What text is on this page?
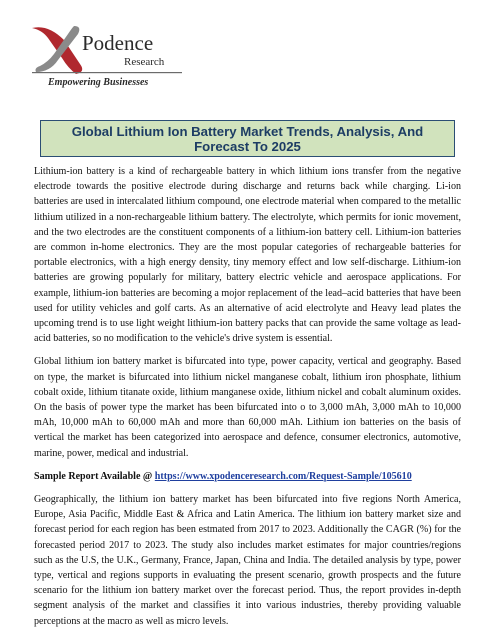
Podence
Research
Empowering Businesses
Global Lithium Ion Battery Market Trends, Analysis, And Forecast To 2025

Lithium-ion battery is a kind of rechargeable battery in which lithium ions transfer from the negative electrode towards the positive electrode during discharge and returns back while charging. Li-ion batteries are used in intercalated lithium compound, one electrode material when compared to the metallic lithium utilized in a non-rechargeable lithium battery. The electrolyte, which permits for ionic movement, and the two electrodes are the constituent components of a lithium-ion battery cell. Lithium-ion batteries are common in-home electronics. They are the most popular categories of rechargeable batteries for portable electronics, with a high energy density, tiny memory effect and low self-discharge. Lithium-ion batteries are growing popularly for military, battery electric vehicle and aerospace applications. For example, lithium-ion batteries are becoming a mojor replacement of the lead–acid batteries that have been used for utility vehicles and golf carts. As an alternative of acid electrolyte and Heavy lead plates the upcoming trend is to use light weight lithium-ion battery packs that can provide the same voltage as lead-acid batteries, so no modification to the vehicle's drive system is essential.

Global lithium ion battery market is bifurcated into type, power capacity, vertical and geography. Based on type, the market is bifurcated into lithium nickel manganese cobalt, lithium iron phosphate, lithium cobalt oxide, lithium titanate oxide, lithium manganese oxide, lithium nickel and cobalt aluminum oxides. On the basis of power type the market has been bifurcated into o to 3,000 mAh, 3,000 mAh to 10,000 mAh, 10,000 mAh to 60,000 mAh and more than 60,000 mAh. Lithium ion batteries on the basis of vertical the market has been categorized into aerospace and defence, consumer electronics, automotive, marine, power, medical and industrial.

Sample Report Available @ https://www.xpodenceresearch.com/Request-Sample/105610

Geographically, the lithium ion battery market has been bifurcated into five regions North America, Europe, Asia Pacific, Middle East & Africa and Latin America. The lithium ion battery market size and forecast period for each region has been estmated from 2017 to 2023. Additionally the CAGR (%) for the forecasted period 2017 to 2023. The study also includes market estimates for major countries/regions such as the U.S, the U.K., Germany, France, Japan, China and India. The detailed analysis by type, power type, vertical and regions supports in evaluating the present scenario, growth prospects and the future scenario for the lithium ion battery market over the forecast period. Thus, the report provides in-depth segment analysis of the market and classifies it into various industries, thereby providing valuable perceptions at the macro as well as micro levels.
